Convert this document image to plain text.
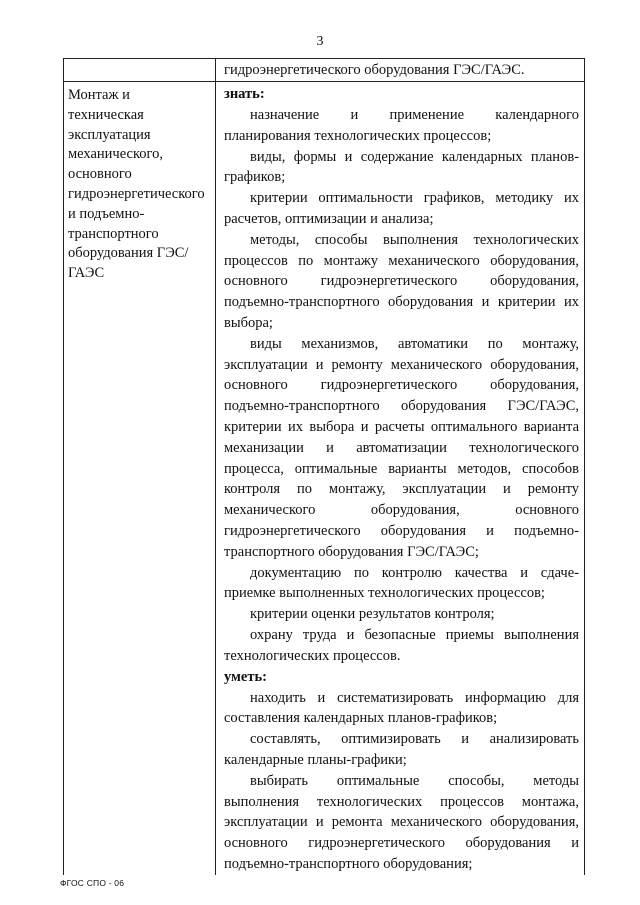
3
гидроэнергетического оборудования ГЭС/ГАЭС.
Монтаж и
техническая
эксплуатация
механического,
основного
гидроэнергетического
и подъемно-
транспортного
оборудования ГЭС/
ГАЭС
знать:

назначение и применение календарного планирования технологических процессов;

виды, формы и содержание календарных планов-графиков;

критерии оптимальности графиков, методику их расчетов, оптимизации и анализа;

методы, способы выполнения технологических процессов по монтажу механического оборудования, основного гидроэнергетического оборудования, подъемно-транспортного оборудования и критерии их выбора;

виды механизмов, автоматики по монтажу, эксплуатации и ремонту механического оборудования, основного гидроэнергетического оборудования, подъемно-транспортного оборудования ГЭС/ГАЭС, критерии их выбора и расчеты оптимального варианта механизации и автоматизации технологического процесса, оптимальные варианты методов, способов контроля по монтажу, эксплуатации и ремонту механического оборудования, основного гидроэнергетического оборудования и подъемно-транспортного оборудования ГЭС/ГАЭС;

документацию по контролю качества и сдаче-приемке выполненных технологических процессов;

критерии оценки результатов контроля;

охрану труда и безопасные приемы выполнения технологических процессов.

уметь:

находить и систематизировать информацию для составления календарных планов-графиков;

составлять, оптимизировать и анализировать календарные планы-графики;

выбирать оптимальные способы, методы выполнения технологических процессов монтажа, эксплуатации и ремонта механического оборудования, основного гидроэнергетического оборудования и подъемно-транспортного оборудования;

ФГОС СПО - 06
